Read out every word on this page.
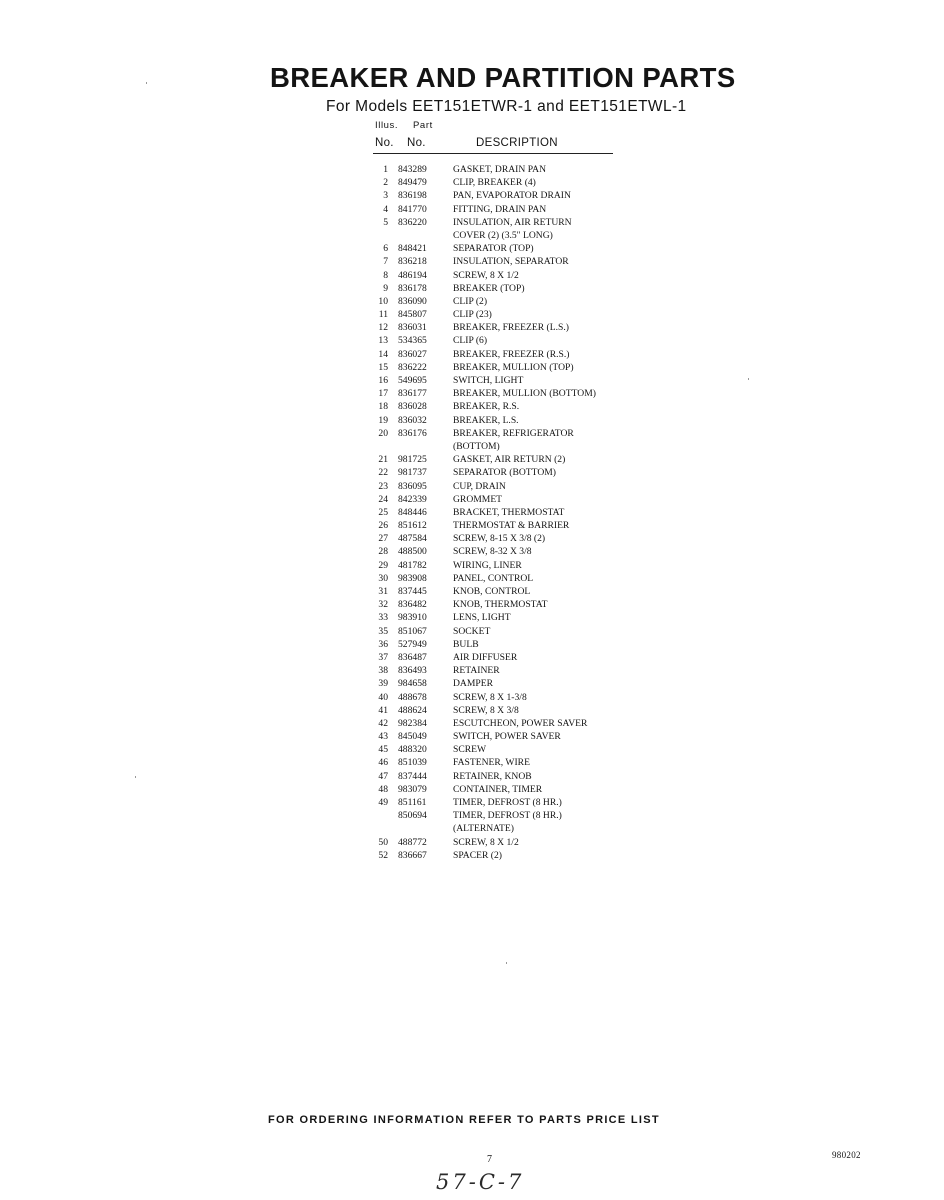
BREAKER AND PARTITION PARTS
For Models EET151ETWR-1 and EET151ETWL-1
Illus. Part
No. No.	DESCRIPTION
1	843289	GASKET, DRAIN PAN
2	849479	CLIP, BREAKER (4)
3	836198	PAN, EVAPORATOR DRAIN
4	841770	FITTING, DRAIN PAN
5	836220	INSULATION, AIR RETURN
COVER (2) (3.5" LONG)
6	848421	SEPARATOR (TOP)
7	836218	INSULATION, SEPARATOR
8	486194	SCREW, 8 X 1/2
9	836178	BREAKER (TOP)
10	836090	CLIP (2)
11	845807	CLIP (23)
12	836031	BREAKER, FREEZER (L.S.)
13	534365	CLIP (6)
14	836027	BREAKER, FREEZER (R.S.)
15	836222	BREAKER, MULLION (TOP)
16	549695	SWITCH, LIGHT
17	836177	BREAKER, MULLION (BOTTOM)
18	836028	BREAKER, R.S.
19	836032	BREAKER, L.S.
20	836176	BREAKER, REFRIGERATOR
(BOTTOM)
21	981725	GASKET, AIR RETURN (2)
22	981737	SEPARATOR (BOTTOM)
23	836095	CUP, DRAIN
24	842339	GROMMET
25	848446	BRACKET, THERMOSTAT
26	851612	THERMOSTAT & BARRIER
27	487584	SCREW, 8-15 X 3/8 (2)
28	488500	SCREW, 8-32 X 3/8
29	481782	WIRING, LINER
30	983908	PANEL, CONTROL
31	837445	KNOB, CONTROL
32	836482	KNOB, THERMOSTAT
33	983910	LENS, LIGHT
35	851067	SOCKET
36	527949	BULB
37	836487	AIR DIFFUSER
38	836493	RETAINER
39	984658	DAMPER
40	488678	SCREW, 8 X 1-3/8
41	488624	SCREW, 8 X 3/8
42	982384	ESCUTCHEON, POWER SAVER
43	845049	SWITCH, POWER SAVER
45	488320	SCREW
46	851039	FASTENER, WIRE
47	837444	RETAINER, KNOB
48	983079	CONTAINER, TIMER
49	851161	TIMER, DEFROST (8 HR.)
850694	TIMER, DEFROST (8 HR.)
(ALTERNATE)
50	488772	SCREW, 8 X 1/2
52	836667	SPACER (2)
FOR ORDERING INFORMATION REFER TO PARTS PRICE LIST
7	980202
57-C-7
